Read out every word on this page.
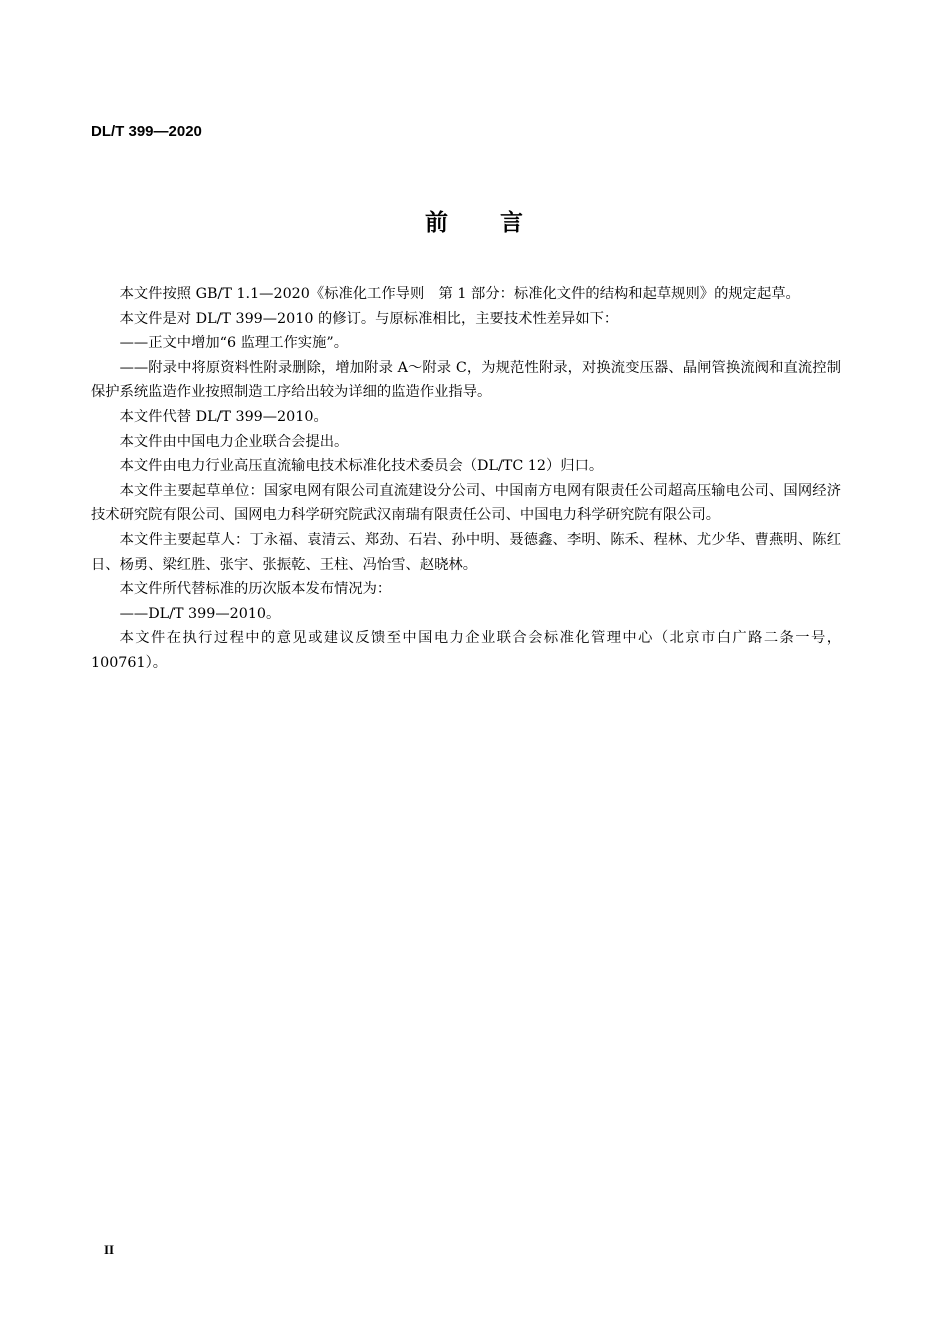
DL/T 399—2020
前 言

本文件按照 GB/T 1.1—2020《标准化工作导则　第 1 部分：标准化文件的结构和起草规则》的规定起草。

本文件是对 DL/T 399—2010 的修订。与原标准相比，主要技术性差异如下：

——正文中增加“6 监理工作实施”。

——附录中将原资料性附录删除，增加附录 A～附录 C，为规范性附录，对换流变压器、晶闸管换流阀和直流控制保护系统监造作业按照制造工序给出较为详细的监造作业指导。

本文件代替 DL/T 399—2010。

本文件由中国电力企业联合会提出。

本文件由电力行业高压直流输电技术标准化技术委员会（DL/TC 12）归口。

本文件主要起草单位：国家电网有限公司直流建设分公司、中国南方电网有限责任公司超高压输电公司、国网经济技术研究院有限公司、国网电力科学研究院武汉南瑞有限责任公司、中国电力科学研究院有限公司。

本文件主要起草人：丁永福、袁清云、郑劲、石岩、孙中明、聂德鑫、李明、陈禾、程林、尤少华、曹燕明、陈红日、杨勇、梁红胜、张宇、张振乾、王柱、冯怡雪、赵晓林。

本文件所代替标准的历次版本发布情况为：

——DL/T 399—2010。

本文件在执行过程中的意见或建议反馈至中国电力企业联合会标准化管理中心（北京市白广路二条一号，100761）。

II
